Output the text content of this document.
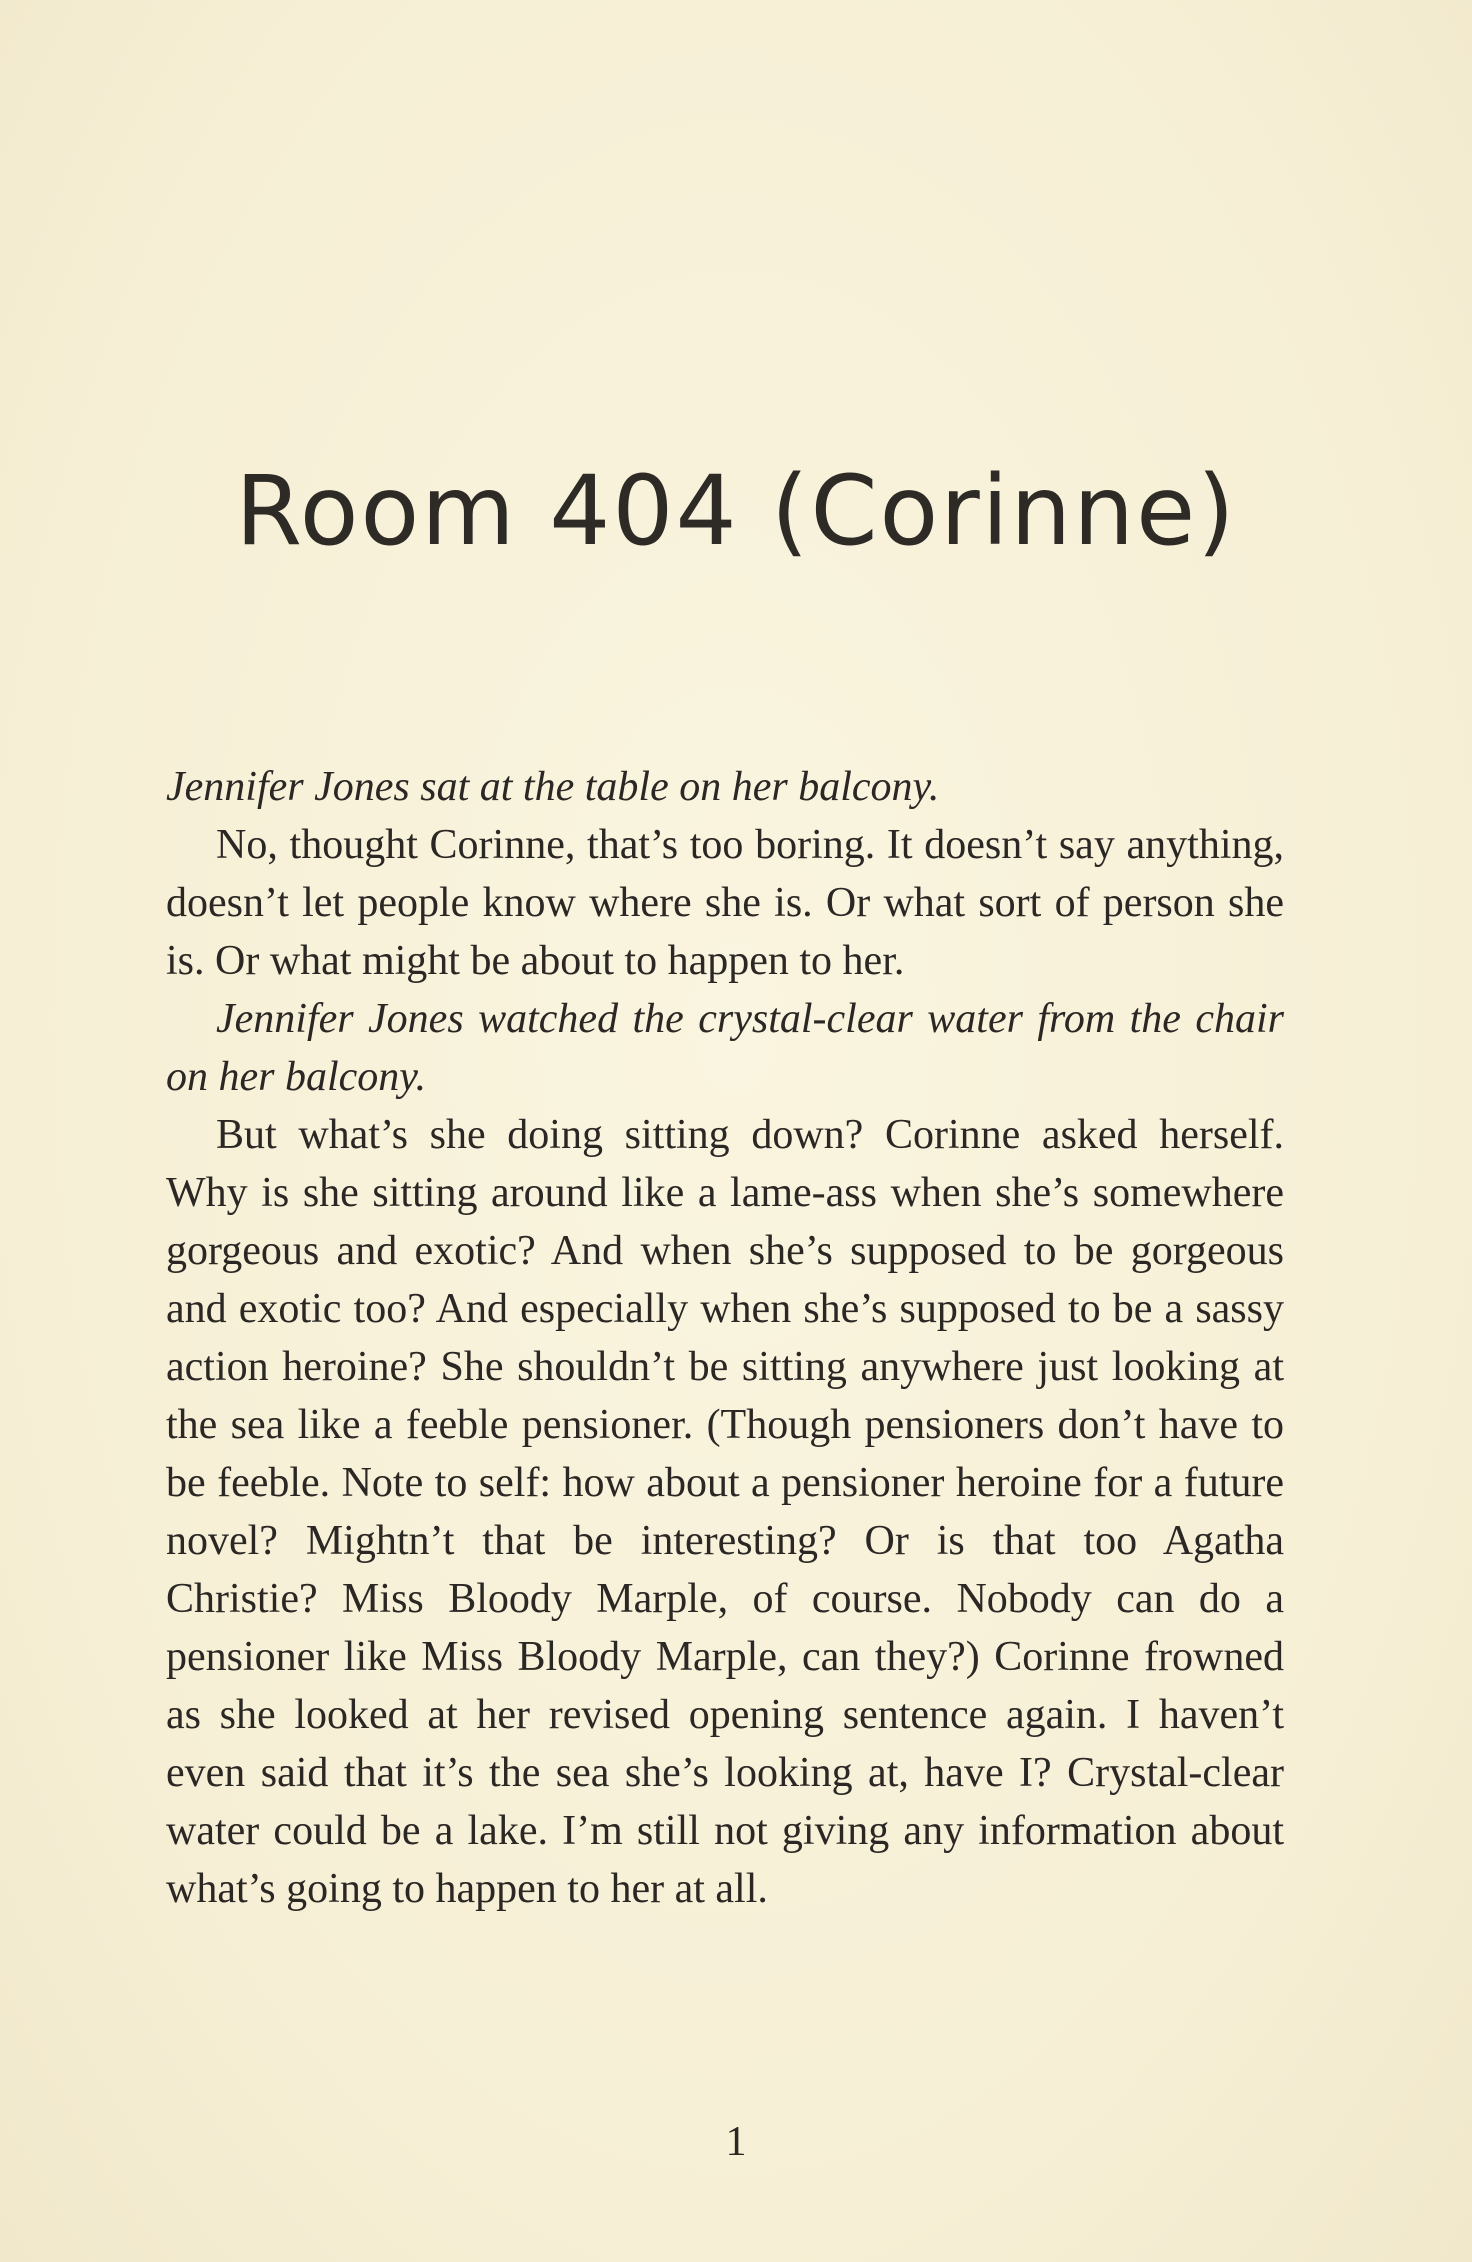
Room 404 (Corinne)

Jennifer Jones sat at the table on her balcony.

No, thought Corinne, that’s too boring. It doesn’t say anything, doesn’t let people know where she is. Or what sort of person she is. Or what might be about to happen to her.

Jennifer Jones watched the crystal-clear water from the chair on her balcony.

But what’s she doing sitting down? Corinne asked herself. Why is she sitting around like a lame-ass when she’s somewhere gorgeous and exotic? And when she’s supposed to be gorgeous and exotic too? And especially when she’s supposed to be a sassy action heroine? She shouldn’t be sitting anywhere just looking at the sea like a feeble pensioner. (Though pensioners don’t have to be feeble. Note to self: how about a pensioner heroine for a future novel? Mightn’t that be interesting? Or is that too Agatha Christie? Miss Bloody Marple, of course. Nobody can do a pensioner like Miss Bloody Marple, can they?) Corinne frowned as she looked at her revised opening sentence again. I haven’t even said that it’s the sea she’s looking at, have I? Crystal-clear water could be a lake. I’m still not giving any information about what’s going to happen to her at all.

1
